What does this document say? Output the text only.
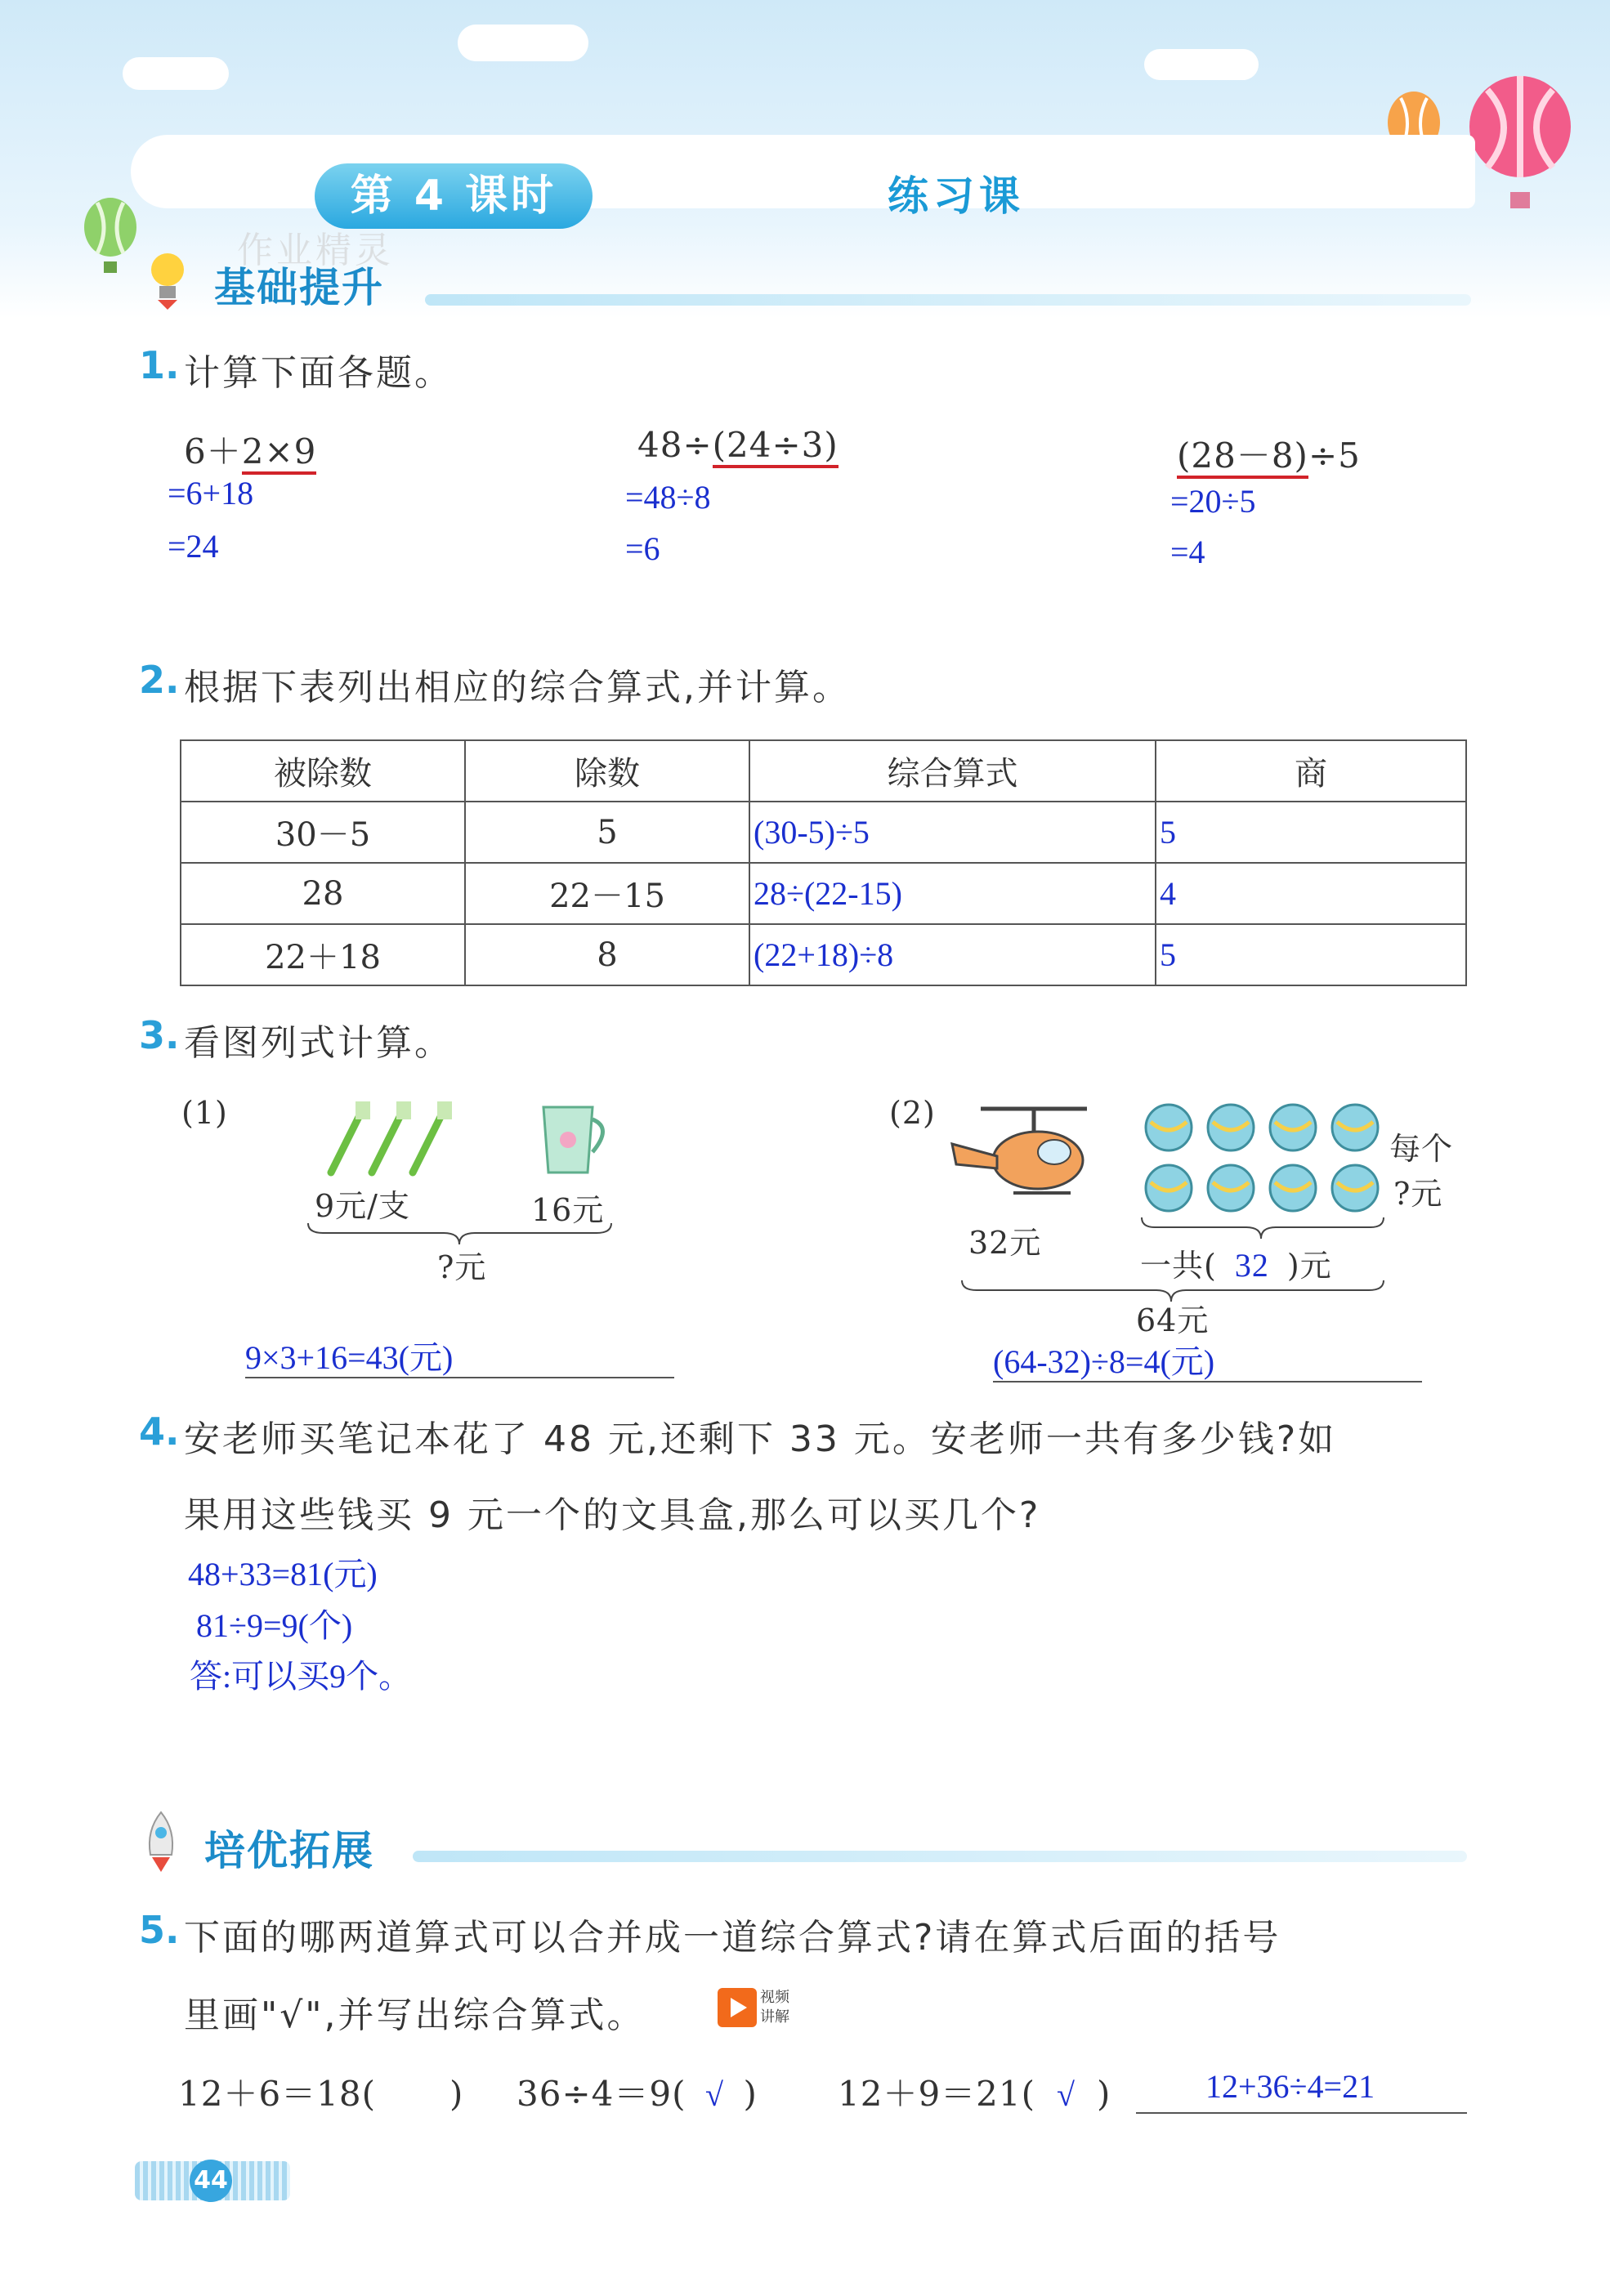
第 4 课时	练习课
作业精灵
基础提升
1. 计算下面各题。
6＋2×9
=6+18
=24
48÷(24÷3)
=48÷8
=6
(28－8)÷5
=20÷5
=4
2. 根据下表列出相应的综合算式,并计算。
被除数	除数	综合算式	商
30－5	5	(30-5)÷5	5
28	22－15	28÷(22-15)	4
22＋18	8	(22+18)÷8	5
3. 看图列式计算。
(1)
9元/支	16元
?元
9×3+16=43(元)
(2)
32元
每个
?元
一共( 32 )元
64元
(64-32)÷8=4(元)
4. 安老师买笔记本花了 48 元,还剩下 33 元。安老师一共有多少钱?如
果用这些钱买 9 元一个的文具盒,那么可以买几个?
48+33=81(元)
81÷9=9(个)
答:可以买9个。
培优拓展
5. 下面的哪两道算式可以合并成一道综合算式?请在算式后面的括号
里画"√",并写出综合算式。	视频
讲解
12＋6＝18( ) 36÷4＝9( √ ) 12＋9＝21( √ )	12+36÷4=21
44
